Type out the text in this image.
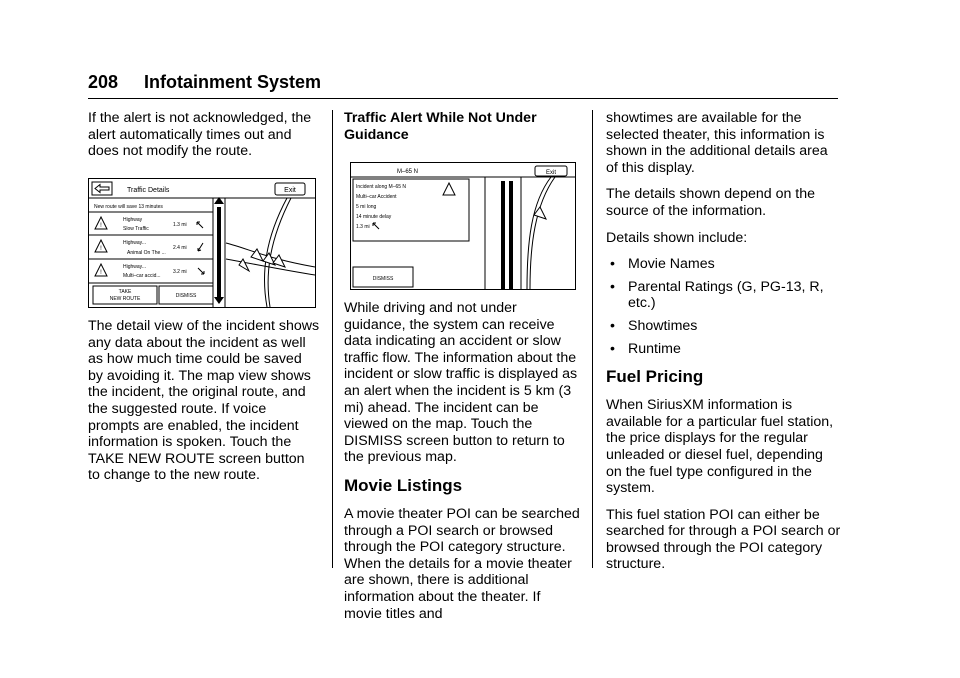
208 Infotainment System

If the alert is not acknowledged, the alert automatically times out and does not modify the route.

Traffic Details	Exit
New route will save 13 minutes
!
Highway
Slow Traffic
1.3 mi
!
Highway...
Animal On The ...
2.4 mi
!
Highway...
Multi–car accid...
3.2 mi
TAKE
NEW ROUTE	DISMISS

The detail view of the incident shows any data about the incident as well as how much time could be saved by avoiding it. The map view shows the incident, the original route, and the suggested route. If voice prompts are enabled, the incident information is spoken. Touch the TAKE NEW ROUTE screen button to change to the new route.

Traffic Alert While Not Under Guidance

M–65 N	Exit
Incident along M–65 N
Multi–car Accident
5 mi long
14 minute delay
1.3 mi
DISMISS

While driving and not under guidance, the system can receive data indicating an accident or slow traffic flow. The information about the incident or slow traffic is displayed as an alert when the incident is 5 km (3 mi) ahead. The incident can be viewed on the map. Touch the DISMISS screen button to return to the previous map.

Movie Listings

A movie theater POI can be searched through a POI search or browsed through the POI category structure. When the details for a movie theater are shown, there is additional information about the theater. If movie titles and

showtimes are available for the selected theater, this information is shown in the additional details area of this display.

The details shown depend on the source of the information.

Details shown include:

• Movie Names
• Parental Ratings (G, PG-13, R, etc.)
• Showtimes
• Runtime

Fuel Pricing

When SiriusXM information is available for a particular fuel station, the price displays for the regular unleaded or diesel fuel, depending on the fuel type configured in the system.

This fuel station POI can either be searched for through a POI search or browsed through the POI category structure.
